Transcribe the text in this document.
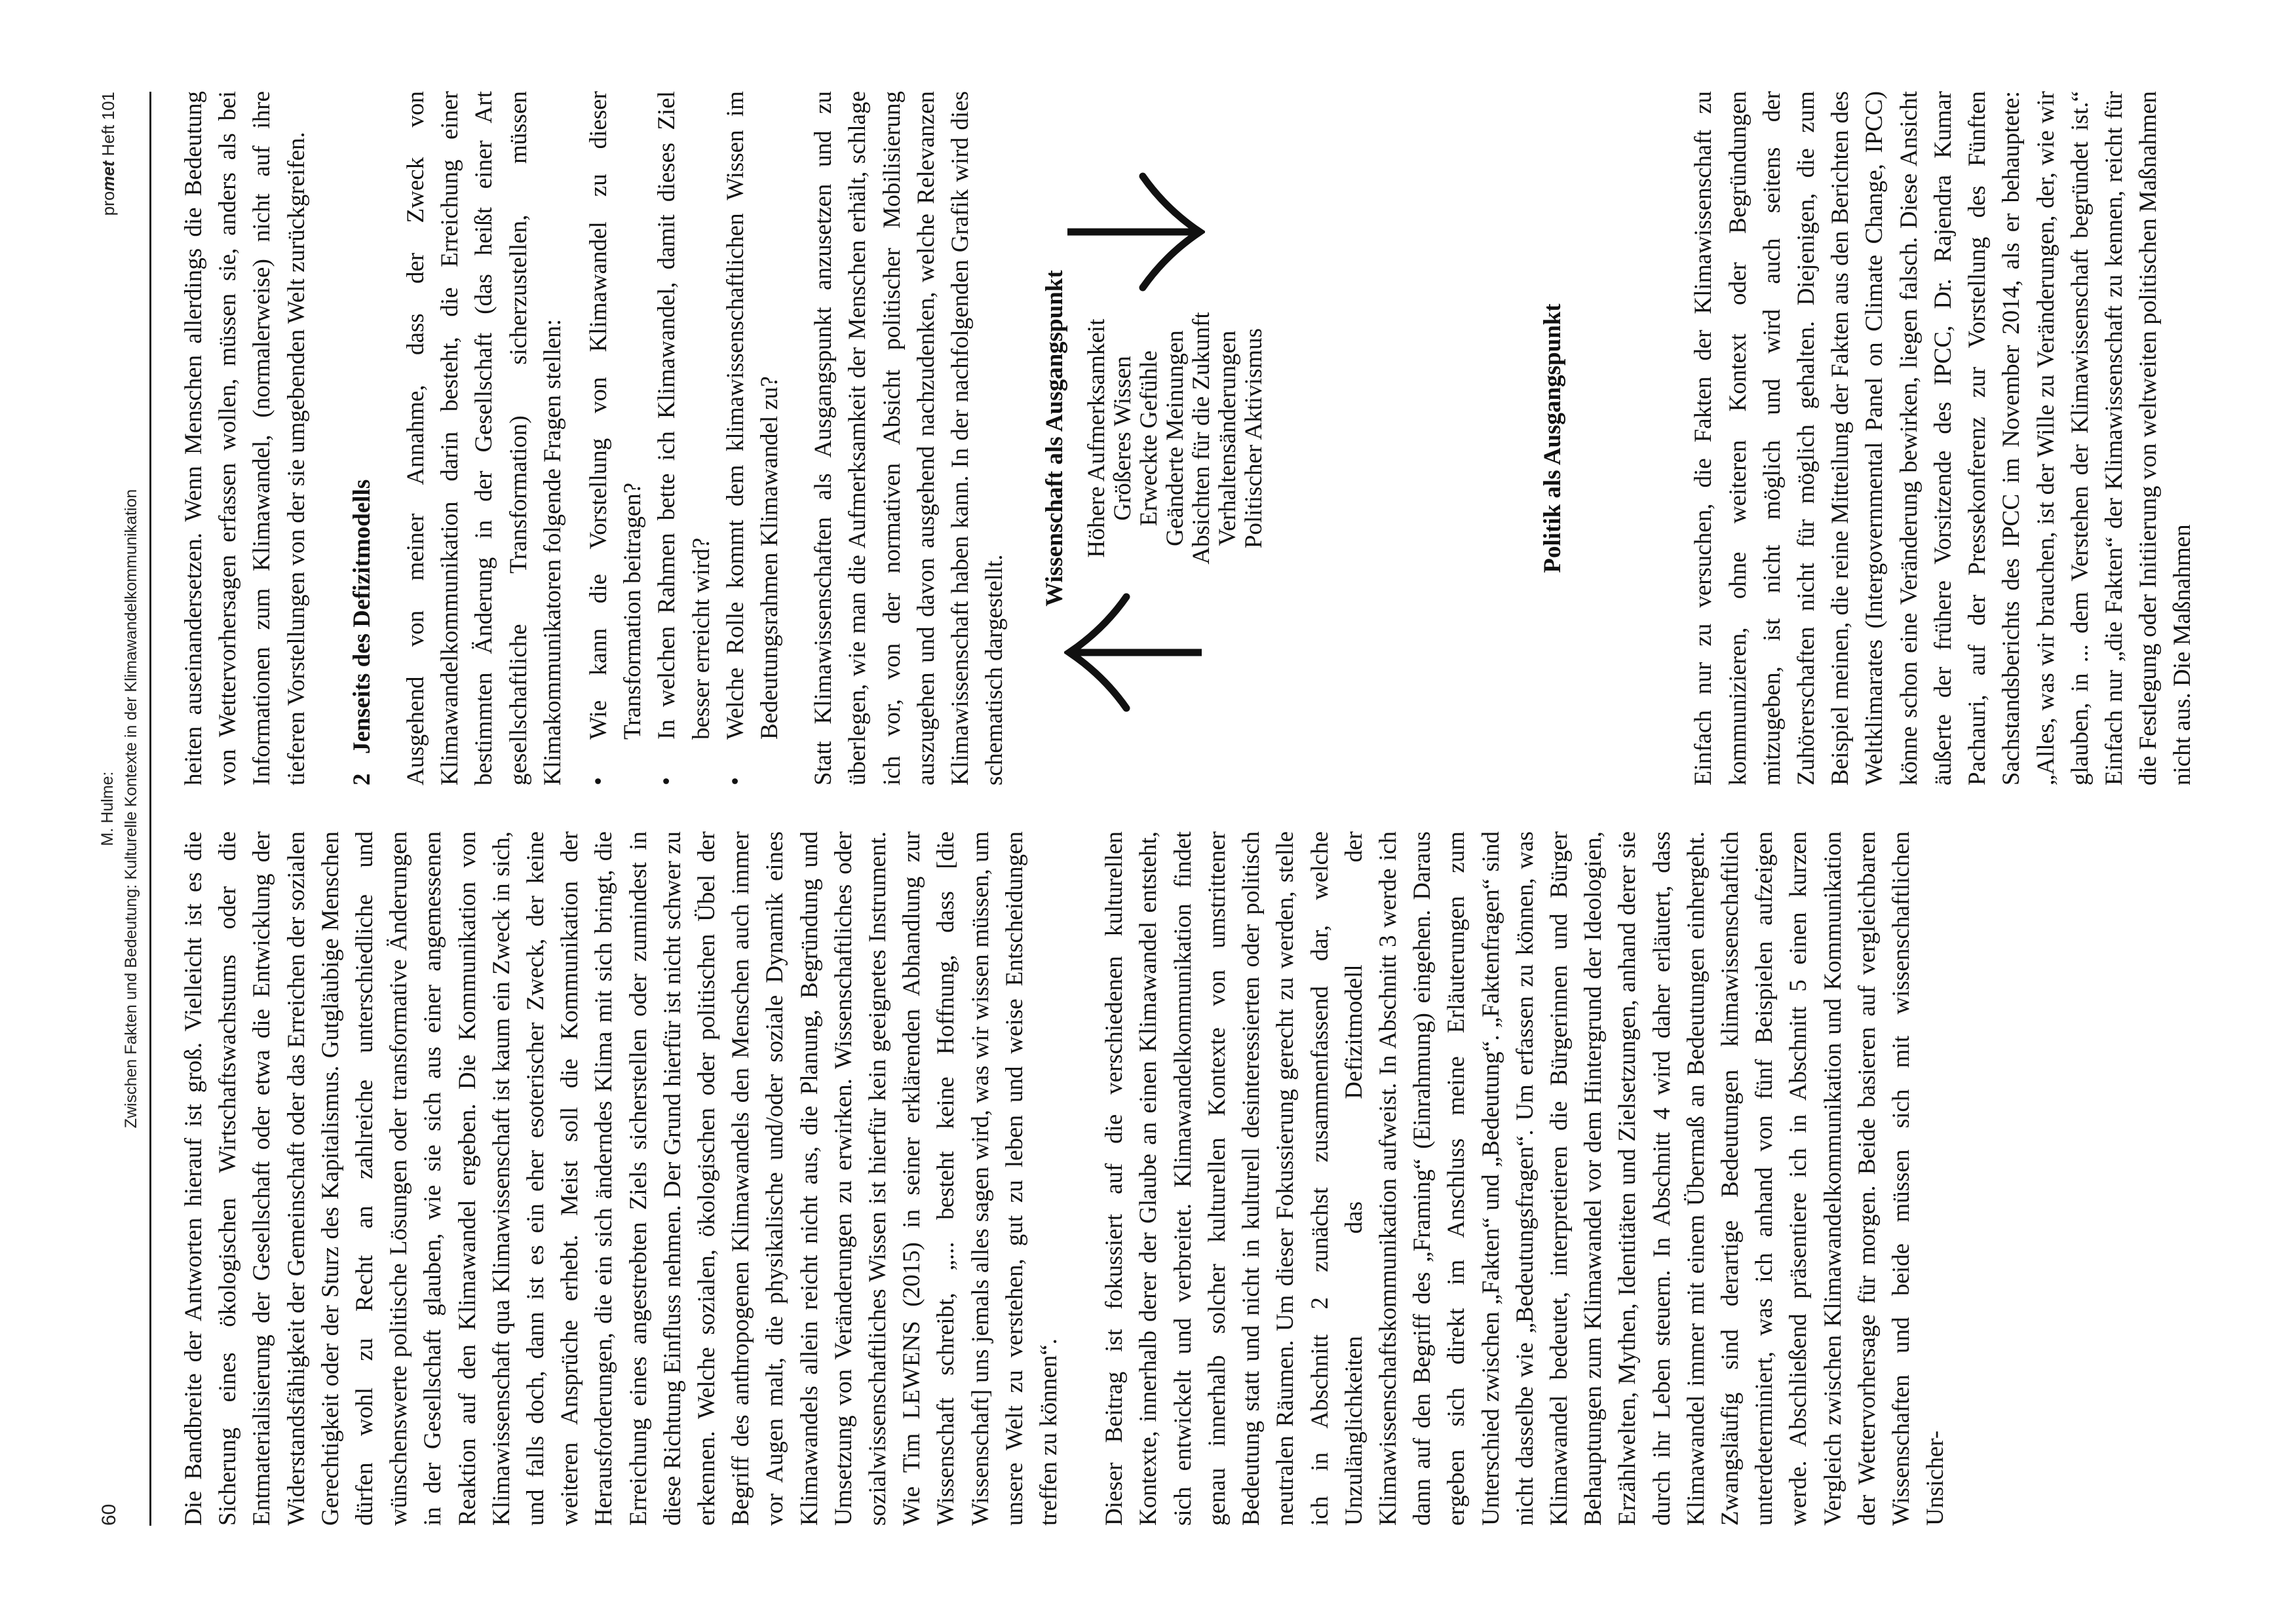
60
M. Hulme: Zwischen Fakten und Bedeutung: Kulturelle Kontexte in der Klimawandelkommunikation
promet Heft 101

Die Bandbreite der Antworten hierauf ist groß. Vielleicht ist es die Sicherung eines ökologischen Wirtschaftswachstums oder die Entmaterialisierung der Gesellschaft oder etwa die Entwicklung der Widerstandsfähigkeit der Gemeinschaft oder das Erreichen der sozialen Gerechtigkeit oder der Sturz des Kapitalismus. Gutgläubige Menschen dürfen wohl zu Recht an zahlreiche unterschiedliche und wünschenswerte politische Lösungen oder transformative Änderungen in der Gesellschaft glauben, wie sie sich aus einer angemessenen Reaktion auf den Klimawandel ergeben. Die Kommunikation von Klimawissenschaft qua Klimawissenschaft ist kaum ein Zweck in sich, und falls doch, dann ist es ein eher esoterischer Zweck, der keine weiteren Ansprüche erhebt. Meist soll die Kommunikation der Herausforderungen, die ein sich änderndes Klima mit sich bringt, die Erreichung eines angestrebten Ziels sicherstellen oder zumindest in diese Richtung Einfluss nehmen. Der Grund hierfür ist nicht schwer zu erkennen. Welche sozialen, ökologischen oder politischen Übel der Begriff des anthropogenen Klimawandels den Menschen auch immer vor Augen malt, die physikalische und/oder soziale Dynamik eines Klimawandels allein reicht nicht aus, die Planung, Begründung und Umsetzung von Veränderungen zu erwirken. Wissenschaftliches oder sozialwissenschaftliches Wissen ist hierfür kein geeignetes Instrument. Wie Tim LEWENS (2015) in seiner erklärenden Abhandlung zur Wissenschaft schreibt, „... besteht keine Hoffnung, dass [die Wissenschaft] uns jemals alles sagen wird, was wir wissen müssen, um unsere Welt zu verstehen, gut zu leben und weise Entscheidungen treffen zu können“. Dieser Beitrag ist fokussiert auf die verschiedenen kulturellen Kontexte, innerhalb derer der Glaube an einen Klimawandel entsteht, sich entwickelt und verbreitet. Klimawandelkommunikation findet genau innerhalb solcher kulturellen Kontexte von umstrittener Bedeutung statt und nicht in kulturell desinteressierten oder politisch neutralen Räumen. Um dieser Fokussierung gerecht zu werden, stelle ich in Abschnitt 2 zunächst zusammenfassend dar, welche Unzulänglichkeiten das Defizitmodell der Klimawissenschaftskommunikation aufweist. In Abschnitt 3 werde ich dann auf den Begriff des „Framing“ (Einrahmung) eingehen. Daraus ergeben sich direkt im Anschluss meine Erläuterungen zum Unterschied zwischen „Fakten“ und „Bedeutung“. „Faktenfragen“ sind nicht dasselbe wie „Bedeutungsfragen“. Um erfassen zu können, was Klimawandel bedeutet, interpretieren die Bürgerinnen und Bürger Behauptungen zum Klimawandel vor dem Hintergrund der Ideologien, Erzählwelten, Mythen, Identitäten und Zielsetzungen, anhand derer sie durch ihr Leben steuern. In Abschnitt 4 wird daher erläutert, dass Klimawandel immer mit einem Übermaß an Bedeutungen einhergeht. Zwangsläufig sind derartige Bedeutungen klimawissenschaftlich unterdeterminiert, was ich anhand von fünf Beispielen aufzeigen werde. Abschließend präsentiere ich in Abschnitt 5 einen kurzen Vergleich zwischen Klimawandelkommunikation und Kommunikation der Wettervorhersage für morgen. Beide basieren auf vergleichbaren Wissenschaften und beide müssen sich mit wissenschaftlichen Unsicher-

heiten auseinandersetzen. Wenn Menschen allerdings die Bedeutung von Wettervorhersagen erfassen wollen, müssen sie, anders als bei Informationen zum Klimawandel, (normalerweise) nicht auf ihre tieferen Vorstellungen von der sie umgebenden Welt zurückgreifen. 2Jenseits des Defizitmodells Ausgehend von meiner Annahme, dass der Zweck von Klimawandelkommunikation darin besteht, die Erreichung einer bestimmten Änderung in der Gesellschaft (das heißt einer Art gesellschaftliche Transformation) sicherzustellen, müssen Klimakommunikatoren folgende Fragen stellen: • Wie kann die Vorstellung von Klimawandel zu dieser Transformation beitragen? • In welchen Rahmen bette ich Klimawandel, damit dieses Ziel besser erreicht wird? • Welche Rolle kommt dem klimawissenschaftlichen Wissen im Bedeutungsrahmen Klimawandel zu? Statt Klimawissenschaften als Ausgangspunkt anzusetzen und zu überlegen, wie man die Aufmerksamkeit der Menschen erhält, schlage ich vor, von der normativen Absicht politischer Mobilisierung auszugehen und davon ausgehend nachzudenken, welche Relevanzen Klimawissenschaft haben kann. In der nachfolgenden Grafik wird dies schematisch dargestellt.

Wissenschaft als Ausgangspunkt Höhere Aufmerksamkeit Größeres Wissen Erweckte Gefühle Geänderte Meinungen Absichten für die Zukunft Verhaltensänderungen Politischer Aktivismus	Politik als Ausgangspunkt	Einfach nur zu versuchen, die Fakten der Klimawissenschaft zu kommunizieren, ohne weiteren Kontext oder Begründungen mitzugeben, ist nicht möglich und wird auch seitens der Zuhörerschaften nicht für möglich gehalten. Diejenigen, die zum Beispiel meinen, die reine Mitteilung der Fakten aus den Berichten des Weltklimarates (Intergovernmental Panel on Climate Change, IPCC) könne schon eine Veränderung bewirken, liegen falsch. Diese Ansicht äußerte der frühere Vorsitzende des IPCC, Dr. Rajendra Kumar Pachauri, auf der Pressekonferenz zur Vorstellung des Fünften Sachstandsberichts des IPCC im November 2014, als er behauptete: „Alles, was wir brauchen, ist der Wille zu Veränderungen, der, wie wir glauben, in ... dem Verstehen der Klimawissenschaft begründet ist.“ Einfach nur „die Fakten“ der Klimawissenschaft zu kennen, reicht für die Festlegung oder Initiierung von weltweiten politischen Maßnahmen nicht aus. Die Maßnahmen
